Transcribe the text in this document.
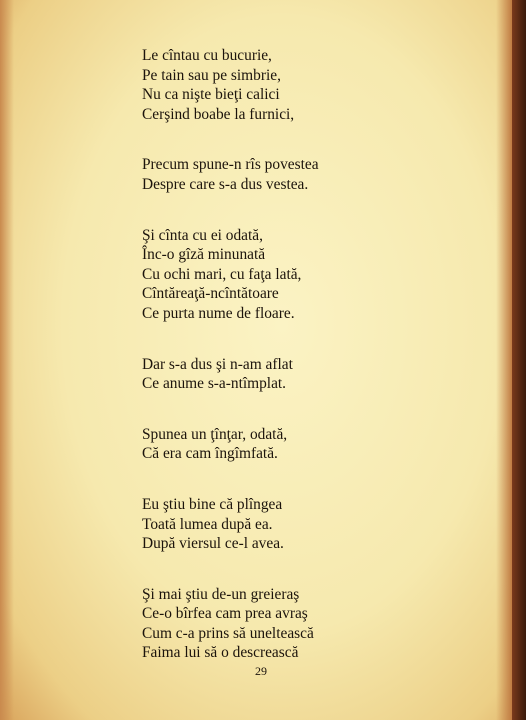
Le cîntau cu bucurie,
Pe tain sau pe simbrie,
Nu ca nişte bieţi calici
Cerşind boabe la furnici,
Precum spune-n rîs povestea
Despre care s-a dus vestea.
Şi cînta cu ei odată,
Înc-o gîză minunată
Cu ochi mari, cu faţa lată,
Cîntăreaţă-ncîntătoare
Ce purta nume de floare.
Dar s-a dus şi n-am aflat
Ce anume s-a-ntîmplat.
Spunea un ţînţar, odată,
Că era cam îngîmfată.
Eu ştiu bine că plîngea
Toată lumea după ea.
După viersul ce-l avea.
Şi mai ştiu de-un greieraş
Ce-o bîrfea cam prea avraş
Cum c-a prins să uneltească
Faima lui să o descrească
29
